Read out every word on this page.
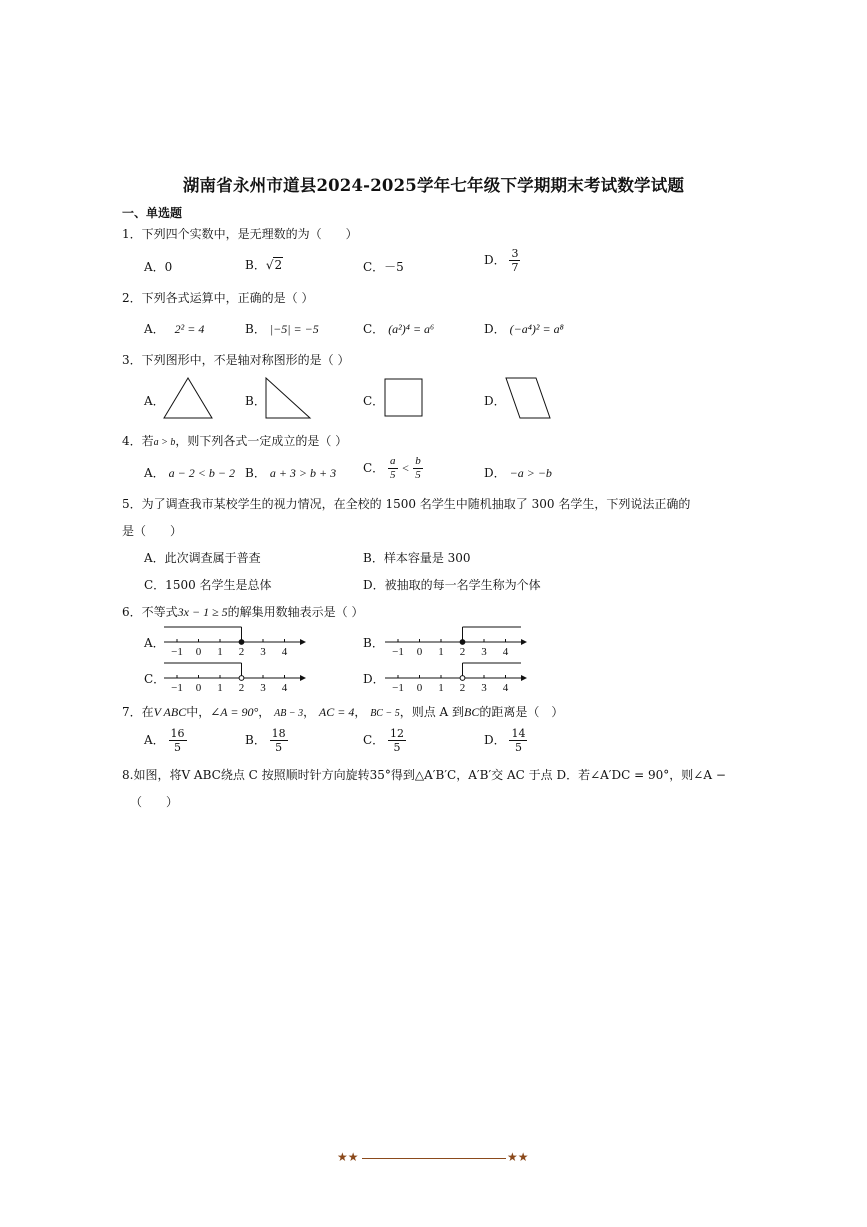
湖南省永州市道县2024-2025学年七年级下学期期末考试数学试题
一、单选题
1．下列四个实数中，是无理数的为（　　）
A．0	B．√2	C．－5	D． $\frac{3}{7}$
2．下列各式运算中，正确的是（ ）
A． 2² = 4	B． |−5| = −5	C． (a²)⁴ = a⁶	D． (−a⁴)² = a⁸
3．下列图形中，不是轴对称图形的是（ ）
A．	B．	C．	D．
4．若a > b，则下列各式一定成立的是（ ）
A． a − 2 < b − 2 B． a + 3 > b + 3 C． $\frac{a}{5} < \frac{b}{5}$	D． −a > −b
5．为了调查我市某校学生的视力情况，在全校的 1500 名学生中随机抽取了 300 名学生，下列说法正确的
是（　　）
A．此次调查属于普查	B．样本容量是 300
C．1500 名学生是总体	D．被抽取的每一名学生称为个体
6．不等式3x − 1 ≥ 5的解集用数轴表示是（ ）
A．
−1 0 1 2 3 4
B．
−1 0 1 2 3 4
C．
−1 0 1 2 3 4
D．
−1 0 1 2 3 4
7．在V ABC中，∠A = 90°， AB − 3， AC = 4， BC − 5，则点 A 到BC的距离是（　）
A． $\frac{16}{5}$	B． $\frac{18}{5}$	C． $\frac{12}{5}$	D． $\frac{14}{5}$
8.如图，将V ABC绕点 C 按照顺时针方向旋转35°得到△A′B′C，A′B′交 AC 于点 D．若∠A′DC = 90°，则∠A −
（　　）
★★	★★
